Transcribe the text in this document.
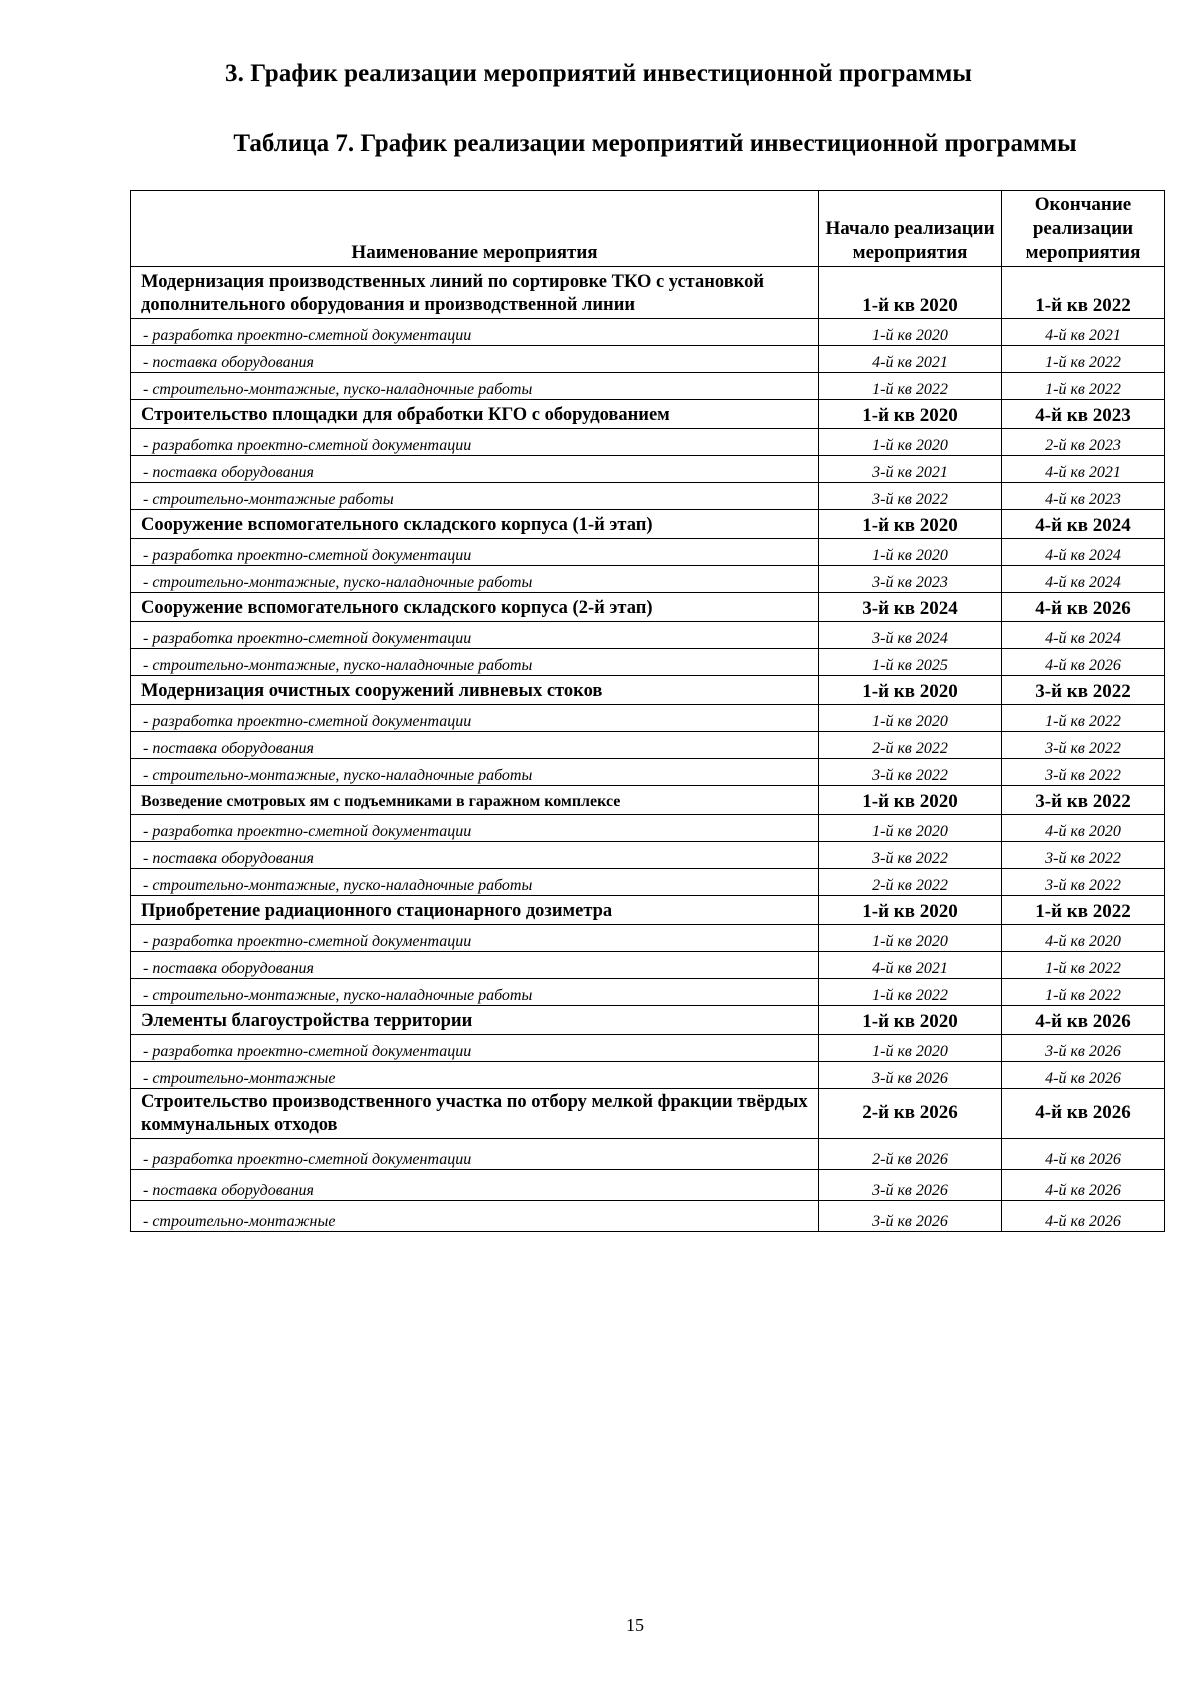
3. График реализации мероприятий инвестиционной программы
Таблица 7. График реализации мероприятий инвестиционной программы
Наименование мероприятия	Начало реализации мероприятия	Окончание реализации мероприятия
Модернизация производственных линий по сортировке ТКО с установкой дополнительного оборудования и производственной линии	1-й кв 2020	1-й кв 2022
- разработка проектно-сметной документации	1-й кв 2020	4-й кв 2021
- поставка оборудования	4-й кв 2021	1-й кв 2022
- строительно-монтажные, пуско-наладночные работы	1-й кв 2022	1-й кв 2022
Строительство площадки для обработки КГО с оборудованием	1-й кв 2020	4-й кв 2023
- разработка проектно-сметной документации	1-й кв 2020	2-й кв 2023
- поставка оборудования	3-й кв 2021	4-й кв 2021
- строительно-монтажные работы	3-й кв 2022	4-й кв 2023
Сооружение вспомогательного складского корпуса (1-й этап)	1-й кв 2020	4-й кв 2024
- разработка проектно-сметной документации	1-й кв 2020	4-й кв 2024
- строительно-монтажные, пуско-наладночные работы	3-й кв 2023	4-й кв 2024
Сооружение вспомогательного складского корпуса (2-й этап)	3-й кв 2024	4-й кв 2026
- разработка проектно-сметной документации	3-й кв 2024	4-й кв 2024
- строительно-монтажные, пуско-наладночные работы	1-й кв 2025	4-й кв 2026
Модернизация очистных сооружений ливневых стоков	1-й кв 2020	3-й кв 2022
- разработка проектно-сметной документации	1-й кв 2020	1-й кв 2022
- поставка оборудования	2-й кв 2022	3-й кв 2022
- строительно-монтажные, пуско-наладночные работы	3-й кв 2022	3-й кв 2022
Возведение смотровых ям с подъемниками в гаражном комплексе	1-й кв 2020	3-й кв 2022
- разработка проектно-сметной документации	1-й кв 2020	4-й кв 2020
- поставка оборудования	3-й кв 2022	3-й кв 2022
- строительно-монтажные, пуско-наладночные работы	2-й кв 2022	3-й кв 2022
Приобретение радиационного стационарного дозиметра	1-й кв 2020	1-й кв 2022
- разработка проектно-сметной документации	1-й кв 2020	4-й кв 2020
- поставка оборудования	4-й кв 2021	1-й кв 2022
- строительно-монтажные, пуско-наладночные работы	1-й кв 2022	1-й кв 2022
Элементы благоустройства территории	1-й кв 2020	4-й кв 2026
- разработка проектно-сметной документации	1-й кв 2020	3-й кв 2026
- строительно-монтажные	3-й кв 2026	4-й кв 2026
Строительство производственного участка по отбору мелкой фракции твёрдых коммунальных отходов	2-й кв 2026	4-й кв 2026
- разработка проектно-сметной документации	2-й кв 2026	4-й кв 2026
- поставка оборудования	3-й кв 2026	4-й кв 2026
- строительно-монтажные	3-й кв 2026	4-й кв 2026
15
